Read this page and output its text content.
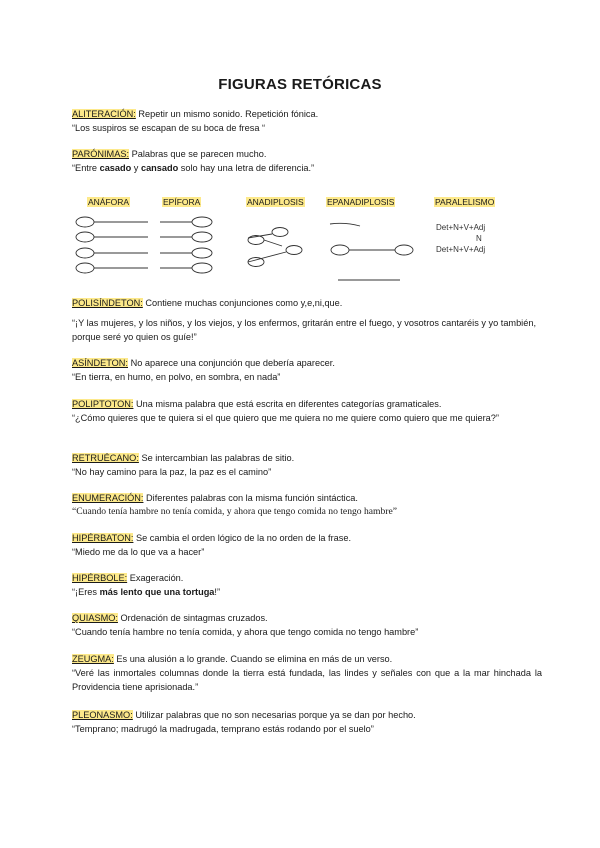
FIGURAS RETÓRICAS
ALITERACIÓN: Repetir un mismo sonido. Repetición fónica.
“Los suspiros se escapan de su boca de fresa “
PARÓNIMAS: Palabras que se parecen mucho.
“Entre casado y cansado solo hay una letra de diferencia.”
ANÁFORA	EPÍFORA	ANADIPLOSIS	EPANADIPLOSIS	PARALELISMO
Det+N+V+Adj
N
Det+N+V+Adj
POLISÍNDETON: Contiene muchas conjunciones como y,e,ni,que.
“¡Y las mujeres, y los niños, y los viejos, y los enfermos, gritarán entre el fuego, y vosotros cantaréis y yo también, porque seré yo quien os guíe!”
ASÍNDETON: No aparece una conjunción que debería aparecer.
“En tierra, en humo, en polvo, en sombra, en nada”
POLIPTOTON: Una misma palabra que está escrita en diferentes categorías gramaticales.
“¿Cómo quieres que te quiera si el que quiero que me quiera no me quiere como quiero que me quiera?”
RETRUÉCANO: Se intercambian las palabras de sitio.
“No hay camino para la paz, la paz es el camino”
ENUMERACIÓN: Diferentes palabras con la misma función sintáctica.
“Cuando tenía hambre no tenía comida, y ahora que tengo comida no tengo hambre”
HIPÉRBATON: Se cambia el orden lógico de la no orden de la frase.
“Miedo me da lo que va a hacer”
HIPÉRBOLE: Exageración.
“¡Eres más lento que una tortuga!”
QUIASMO: Ordenación de sintagmas cruzados.
“Cuando tenía hambre no tenía comida, y ahora que tengo comida no tengo hambre”
ZEUGMA: Es una alusión a lo grande. Cuando se elimina en más de un verso.
“Veré las inmortales columnas donde la tierra está fundada, las lindes y señales con que a la mar hinchada la Providencia tiene aprisionada.”
PLEONASMO: Utilizar palabras que no son necesarias porque ya se dan por hecho.
“Temprano; madrugó la madrugada, temprano estás rodando por el suelo”
